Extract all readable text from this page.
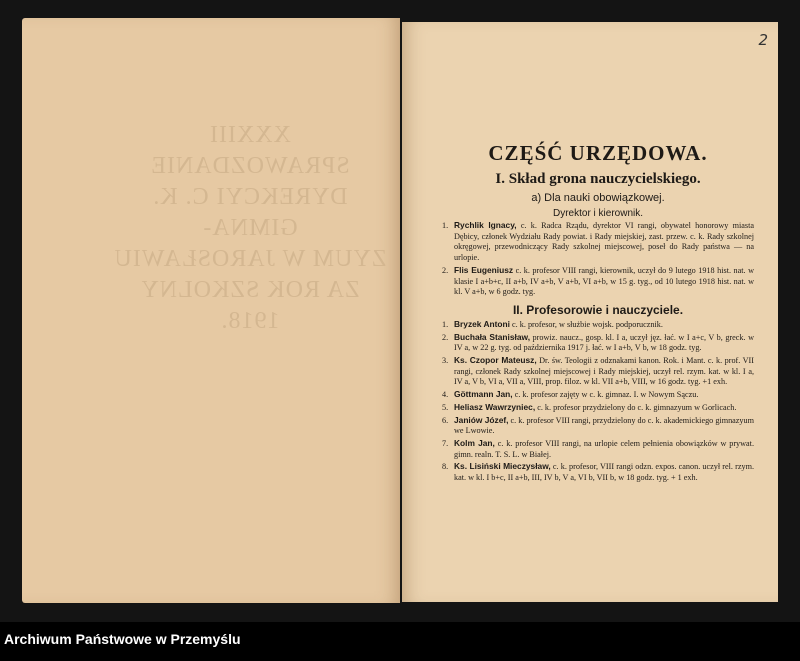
XXXIII SPRAWOZDANIE
DYREKCYI C. K. GIMNA-
ZYUM W JAROSŁAWIU
ZA ROK SZKOLNY 1918.
2
CZĘŚĆ URZĘDOWA.
I. Skład grona nauczycielskiego.
a) Dla nauki obowiązkowej.
Dyrektor i kierownik.
1. Rychlik Ignacy, c. k. Radca Rządu, dyrektor VI rangi, obywatel honorowy miasta Dębicy, członek Wydziału Rady powiat. i Rady miejskiej, zast. przew. c. k. Rady szkolnej okręgowej, przewodniczący Rady szkolnej miejscowej, poseł do Rady państwa — na urlopie.
2. Flis Eugeniusz c. k. profesor VIII rangi, kierownik, uczył do 9 lutego 1918 hist. nat. w klasie I a+b+c, II a+b, IV a+b, V a+b, VI a+b, w 15 g. tyg., od 10 lutego 1918 hist. nat. w kl. V a+b, w 6 godz. tyg.
II. Profesorowie i nauczyciele.
1. Bryzek Antoni c. k. profesor, w służbie wojsk. podporucznik.
2. Buchała Stanisław, prowiz. naucz., gosp. kl. I a, uczył jęz. łać. w I a+c, V b, greck. w IV a, w 22 g. tyg. od października 1917 j. łać. w I a+b, V b, w 18 godz. tyg.
3. Ks. Czopor Mateusz, Dr. św. Teologii z odznakami kanon. Rok. i Mant. c. k. prof. VII rangi, członek Rady szkolnej miejscowej i Rady miejskiej, uczył rel. rzym. kat. w kl. I a, IV a, V b, VI a, VII a, VIII, prop. filoz. w kl. VII a+b, VIII, w 16 godz. tyg. +1 exh.
4. Göttmann Jan, c. k. profesor zajęty w c. k. gimnaz. I. w Nowym Sączu.
5. Heliasz Wawrzyniec, c. k. profesor przydzielony do c. k. gimnazyum w Gorlicach.
6. Janiów Józef, c. k. profesor VIII rangi, przydzielony do c. k. akademickiego gimnazyum we Lwowie.
7. Kolm Jan, c. k. profesor VIII rangi, na urlopie celem pełnienia obowiązków w prywat. gimn. realn. T. S. L. w Białej.
8. Ks. Lisiński Mieczysław, c. k. profesor, VIII rangi odzn. expos. canon. uczył rel. rzym. kat. w kl. I b+c, II a+b, III, IV b, V a, VI b, VII b, w 18 godz. tyg. + 1 exh.
Archiwum Państwowe w Przemyślu
